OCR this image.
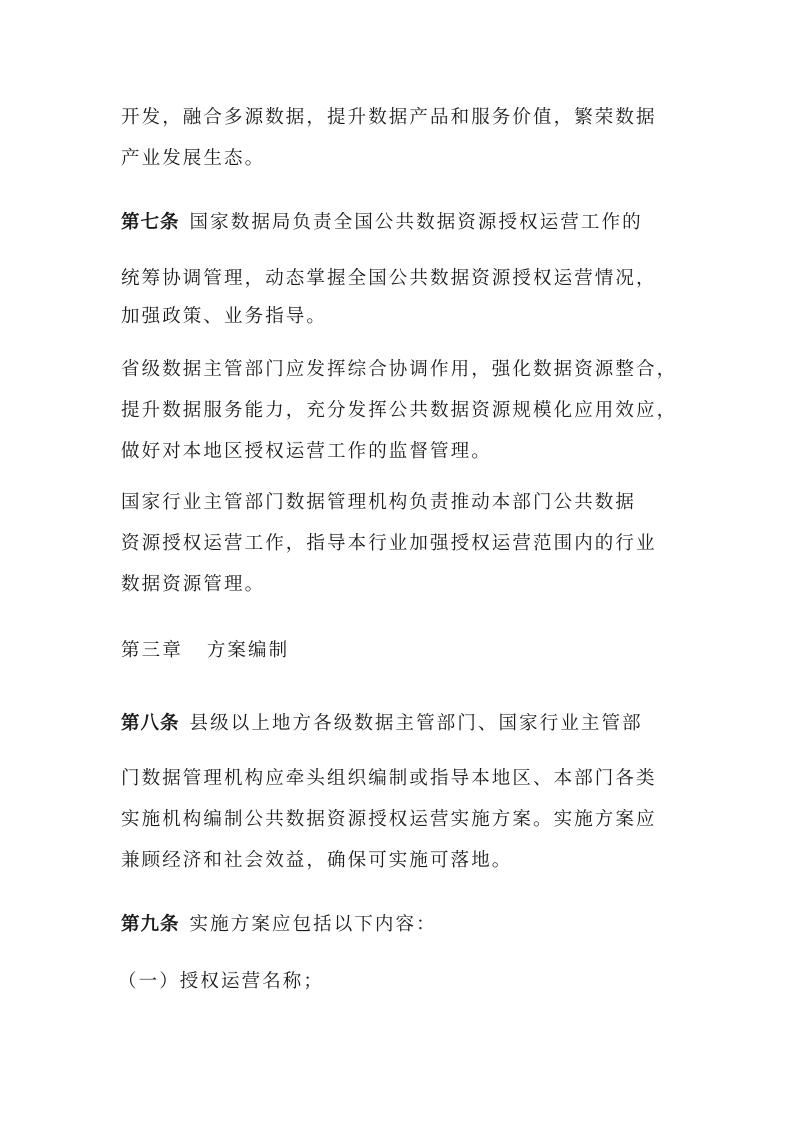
开发，融合多源数据，提升数据产品和服务价值，繁荣数据
产业发展生态。
第七条 国家数据局负责全国公共数据资源授权运营工作的
统筹协调管理，动态掌握全国公共数据资源授权运营情况，
加强政策、业务指导。
省级数据主管部门应发挥综合协调作用，强化数据资源整合，
提升数据服务能力，充分发挥公共数据资源规模化应用效应，
做好对本地区授权运营工作的监督管理。
国家行业主管部门数据管理机构负责推动本部门公共数据
资源授权运营工作，指导本行业加强授权运营范围内的行业
数据资源管理。
第三章 方案编制
第八条 县级以上地方各级数据主管部门、国家行业主管部
门数据管理机构应牵头组织编制或指导本地区、本部门各类
实施机构编制公共数据资源授权运营实施方案。实施方案应
兼顾经济和社会效益，确保可实施可落地。
第九条 实施方案应包括以下内容：
（一）授权运营名称；
